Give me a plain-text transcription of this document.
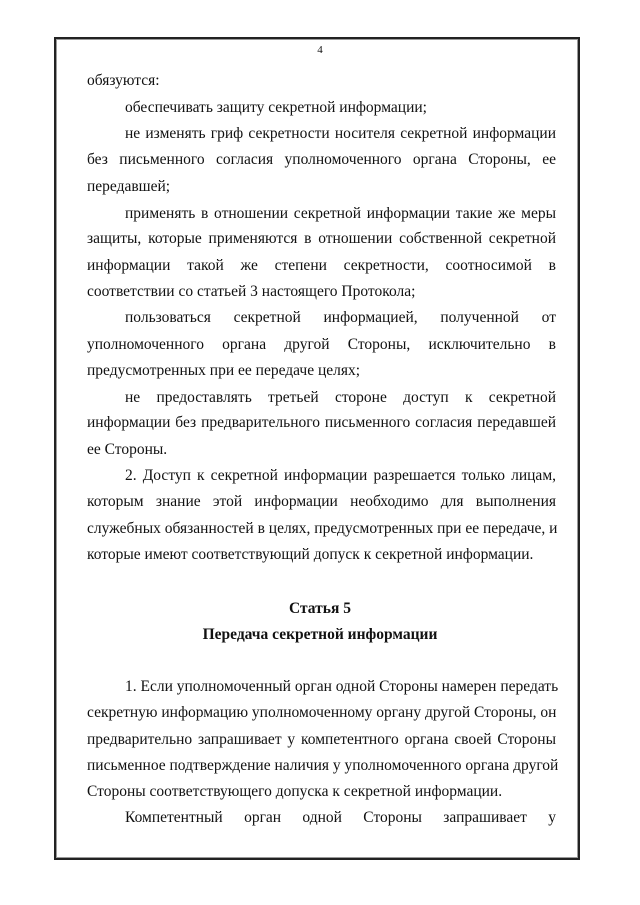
4
обязуются:
обеспечивать защиту секретной информации;
не изменять гриф секретности носителя секретной информации
без письменного согласия уполномоченного органа Стороны, ее
передавшей;
применять в отношении секретной информации такие же меры
защиты, которые применяются в отношении собственной секретной
информации такой же степени секретности, соотносимой в
соответствии со статьей 3 настоящего Протокола;
пользоваться секретной информацией, полученной от
уполномоченного органа другой Стороны, исключительно в
предусмотренных при ее передаче целях;
не предоставлять третьей стороне доступ к секретной
информации без предварительного письменного согласия передавшей
ее Стороны.
2. Доступ к секретной информации разрешается только лицам,
которым знание этой информации необходимо для выполнения
служебных обязанностей в целях, предусмотренных при ее передаче, и
которые имеют соответствующий допуск к секретной информации.
Статья 5
Передача секретной информации
1. Если уполномоченный орган одной Стороны намерен передать
секретную информацию уполномоченному органу другой Стороны, он
предварительно запрашивает у компетентного органа своей Стороны
письменное подтверждение наличия у уполномоченного органа другой
Стороны соответствующего допуска к секретной информации.
Компетентный орган одной Стороны запрашивает у
